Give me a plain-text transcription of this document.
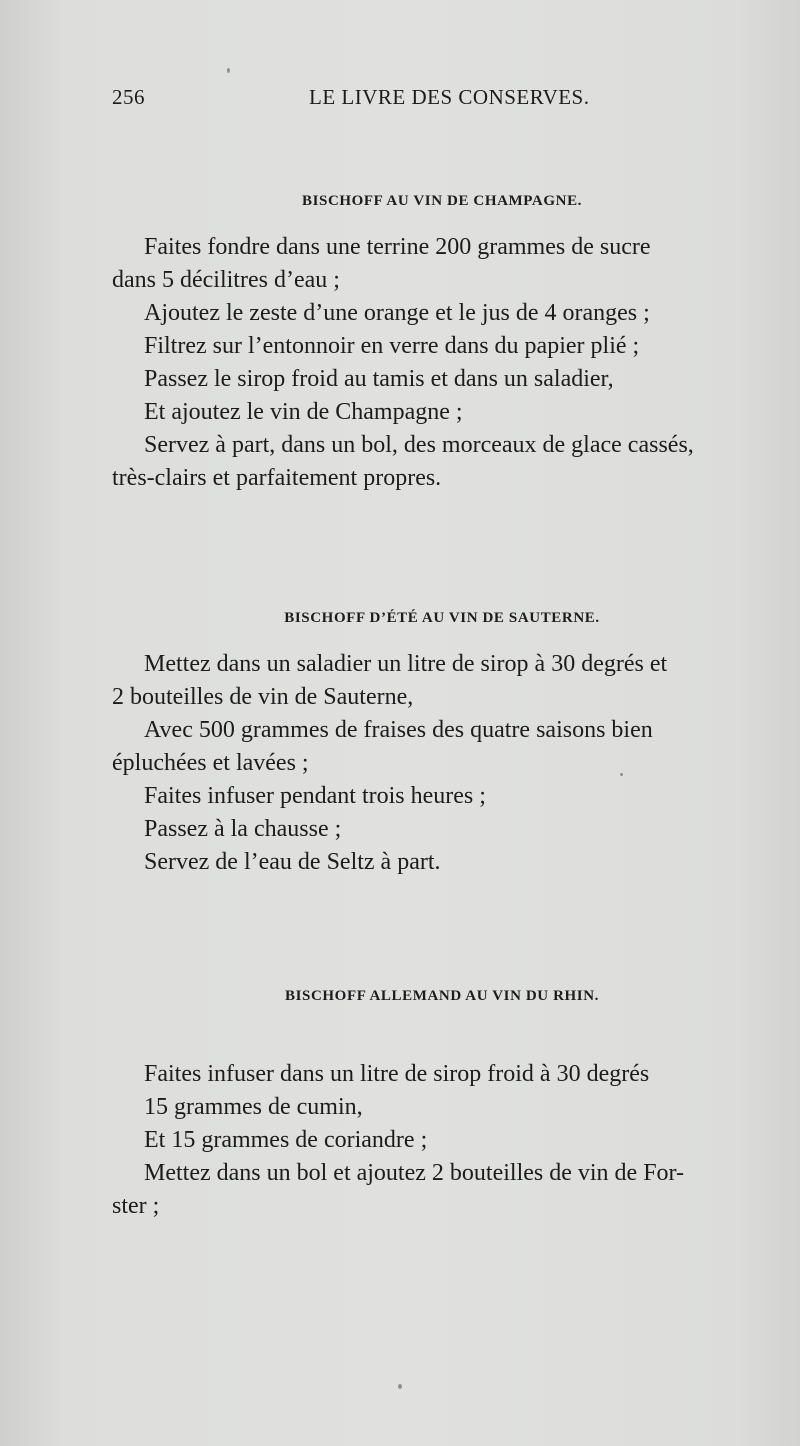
256	LE LIVRE DES CONSERVES.
BISCHOFF AU VIN DE CHAMPAGNE.

Faites fondre dans une terrine 200 grammes de sucre

dans 5 décilitres d’eau ;

Ajoutez le zeste d’une orange et le jus de 4 oranges ;

Filtrez sur l’entonnoir en verre dans du papier plié ;

Passez le sirop froid au tamis et dans un saladier,

Et ajoutez le vin de Champagne ;

Servez à part, dans un bol, des morceaux de glace cassés,

très-clairs et parfaitement propres.

BISCHOFF D’ÉTÉ AU VIN DE SAUTERNE.

Mettez dans un saladier un litre de sirop à 30 degrés et

2 bouteilles de vin de Sauterne,

Avec 500 grammes de fraises des quatre saisons bien

épluchées et lavées ;

Faites infuser pendant trois heures ;

Passez à la chausse ;

Servez de l’eau de Seltz à part.

BISCHOFF ALLEMAND AU VIN DU RHIN.

Faites infuser dans un litre de sirop froid à 30 degrés

15 grammes de cumin,

Et 15 grammes de coriandre ;

Mettez dans un bol et ajoutez 2 bouteilles de vin de For-

ster ;
